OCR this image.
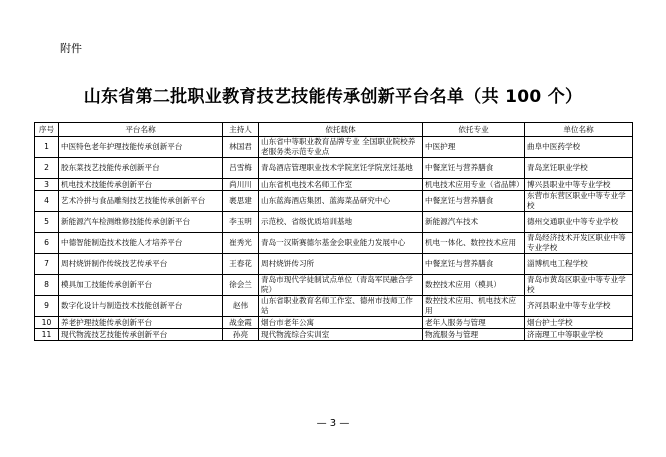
附件
山东省第二批职业教育技艺技能传承创新平台名单（共 100 个）
序号	平台名称	主持人	依托载体	依托专业	单位名称
1	中医特色老年护理技能传承创新平台	林国君	山东省中等职业教育品牌专业 全国职业院校养老服务类示范专业点	中医护理	曲阜中医药学校
2	胶东菜技艺技能传承创新平台	吕雪梅	青岛酒店管理职业技术学院烹饪学院烹饪基地	中餐烹饪与营养膳食	青岛烹饪职业学校
3	机电技术技能传承创新平台	尚川川	山东省机电技术名师工作室	机电技术应用专业（省品牌）	博兴县职业中等专业学校
4	艺术冷拼与食品雕刻技艺技能传承创新平台	裹思建	山东蓝海酒店集团、蓝海菜品研究中心	中餐烹饪与营养膳食	东营市东营区职业中等专业学校
5	新能源汽车检测维修技能传承创新平台	李玉明	示范校、省级优质培训基地	新能源汽车技术	德州交通职业中等专业学校
6	中德智能制造技术技能人才培养平台	崔秀光	青岛一汉斯赛德尔基金会职业能力发展中心	机电一体化、数控技术应用	青岛经济技术开发区职业中等专业学校
7	周村烧饼制作传统技艺传承平台	王春花	周村烧饼传习所	中餐烹饪与营养膳食	淄博机电工程学校
8	模具加工技能传承创新平台	徐会兰	青岛市现代学徒制试点单位（青岛军民融合学院）	数控技术应用（模具）	青岛市黄岛区职业中等专业学校
9	数字化设计与制造技术技能创新平台	赵伟	山东省职业教育名师工作室、德州市技师工作站	数控技术应用、机电技术应用	齐河县职业中等专业学校
10	养老护理技能传承创新平台	战金霞	烟台市老年公寓	老年人服务与管理	烟台护士学校
11	现代物流技艺技能传承创新平台	孙亮	现代物流综合实训室	物流服务与管理	济南理工中等职业学校
— 3 —
